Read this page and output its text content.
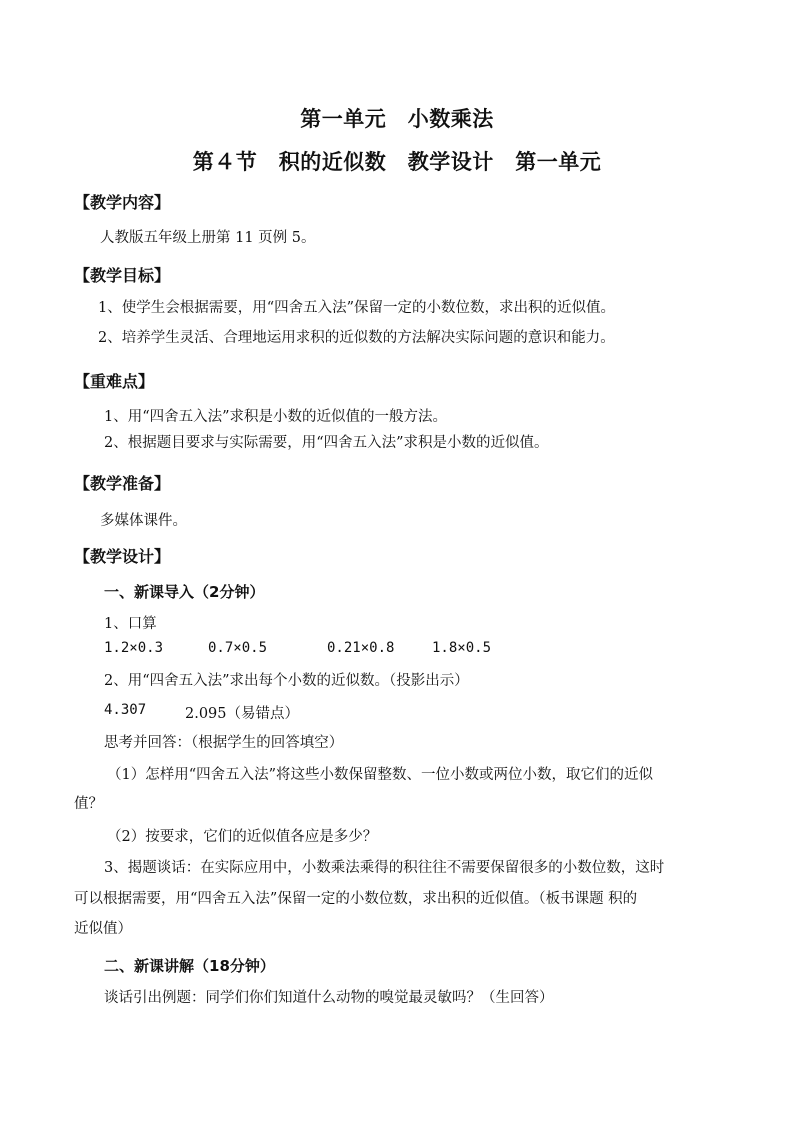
第一单元　小数乘法
第４节　积的近似数　教学设计　第一单元
【教学内容】
人教版五年级上册第 11 页例 5。
【教学目标】
1、使学生会根据需要，用“四舍五入法”保留一定的小数位数，求出积的近似值。
2、培养学生灵活、合理地运用求积的近似数的方法解决实际问题的意识和能力。
【重难点】
1、用“四舍五入法”求积是小数的近似值的一般方法。
2、根据题目要求与实际需要，用“四舍五入法”求积是小数的近似值。
【教学准备】
多媒体课件。
【教学设计】
一、新课导入（2分钟）
1、口算
1.2×0.3	0.7×0.5	0.21×0.8	1.8×0.5
2、用“四舍五入法”求出每个小数的近似数。（投影出示）
4.307	2.095（易错点）
思考并回答：（根据学生的回答填空）
（1）怎样用“四舍五入法”将这些小数保留整数、一位小数或两位小数，取它们的近似
值？
（2）按要求，它们的近似值各应是多少？
3、揭题谈话：在实际应用中，小数乘法乘得的积往往不需要保留很多的小数位数，这时
可以根据需要，用“四舍五入法”保留一定的小数位数，求出积的近似值。（板书课题 积的
近似值）
二、新课讲解（18分钟）
谈话引出例题：同学们你们知道什么动物的嗅觉最灵敏吗？（生回答）
